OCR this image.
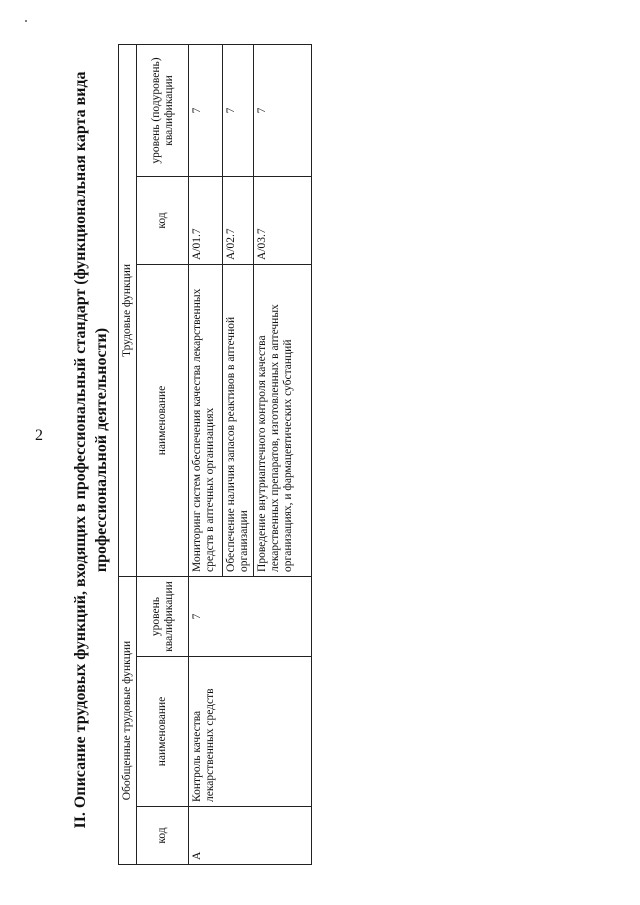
2 II. Описание трудовых функций, входящих в профессиональный стандарт (функциональная карта вида профессиональной деятельности)
Обобщенные трудовые функции			Трудовые функции		
код	наименование	уровень квалификации	наименование	код	уровень (подуровень) квалификации
А	Контроль качества лекарственных средств	7	Мониторинг систем обеспечения качества лекарственных средств в аптечных организациях	A/01.7	7
			Обеспечение наличия запасов реактивов в аптечной организации	A/02.7	7
			Проведение внутриаптечного контроля качества лекарственных препаратов, изготовленных в аптечных организациях, и фармацевтических субстанций	A/03.7	7
